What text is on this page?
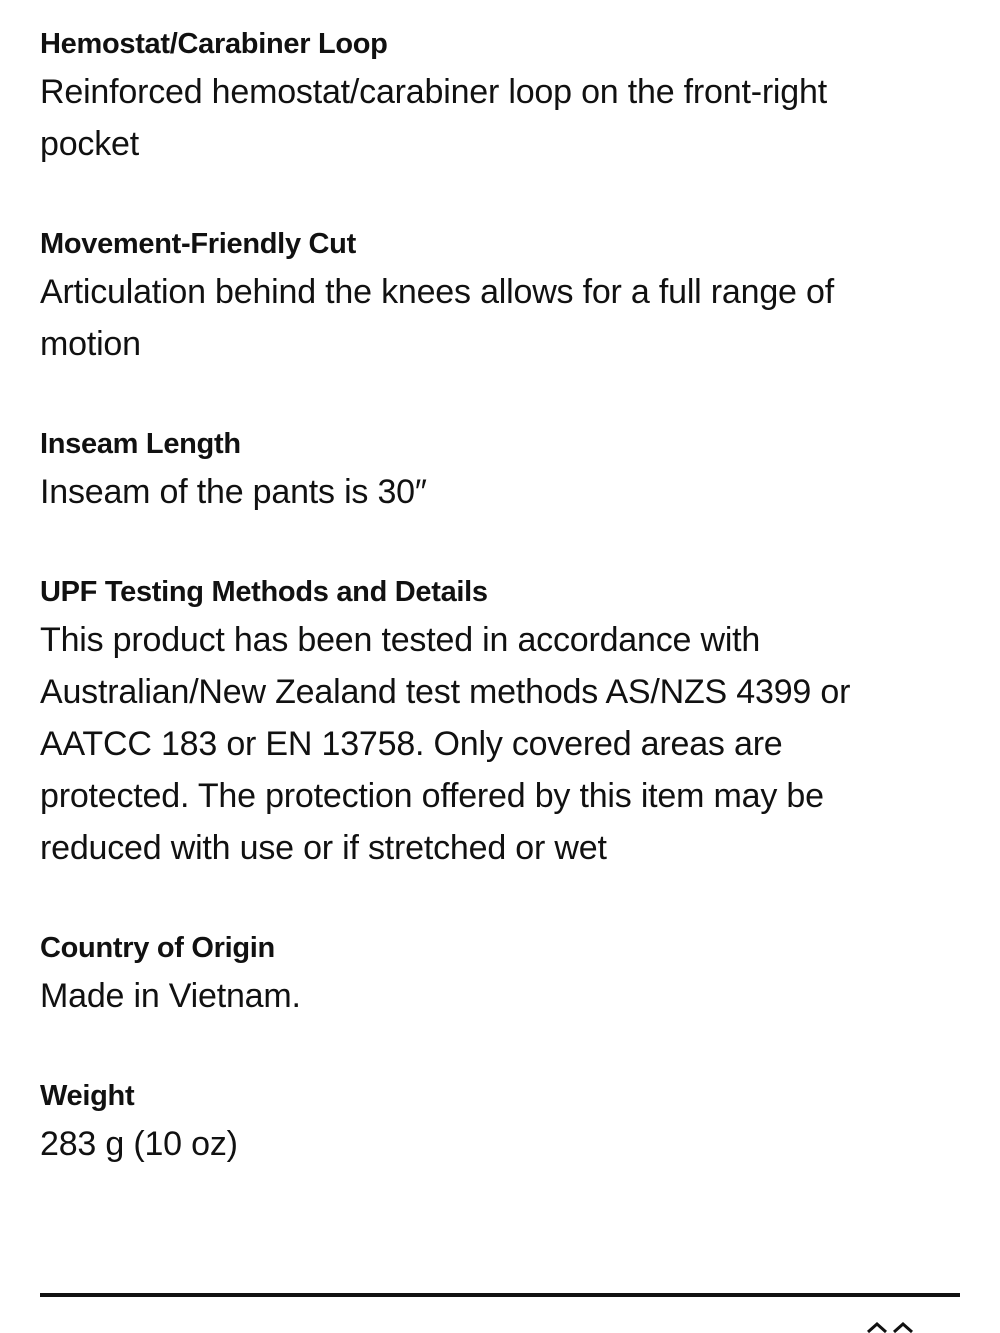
Hemostat/Carabiner Loop

Reinforced hemostat/carabiner loop on the front-right pocket

Movement-Friendly Cut

Articulation behind the knees allows for a full range of motion

Inseam Length

Inseam of the pants is 30″

UPF Testing Methods and Details

This product has been tested in accordance with Australian/New Zealand test methods AS/NZS 4399 or AATCC 183 or EN 13758. Only covered areas are protected. The protection offered by this item may be reduced with use or if stretched or wet

Country of Origin

Made in Vietnam.

Weight

283 g (10 oz)
